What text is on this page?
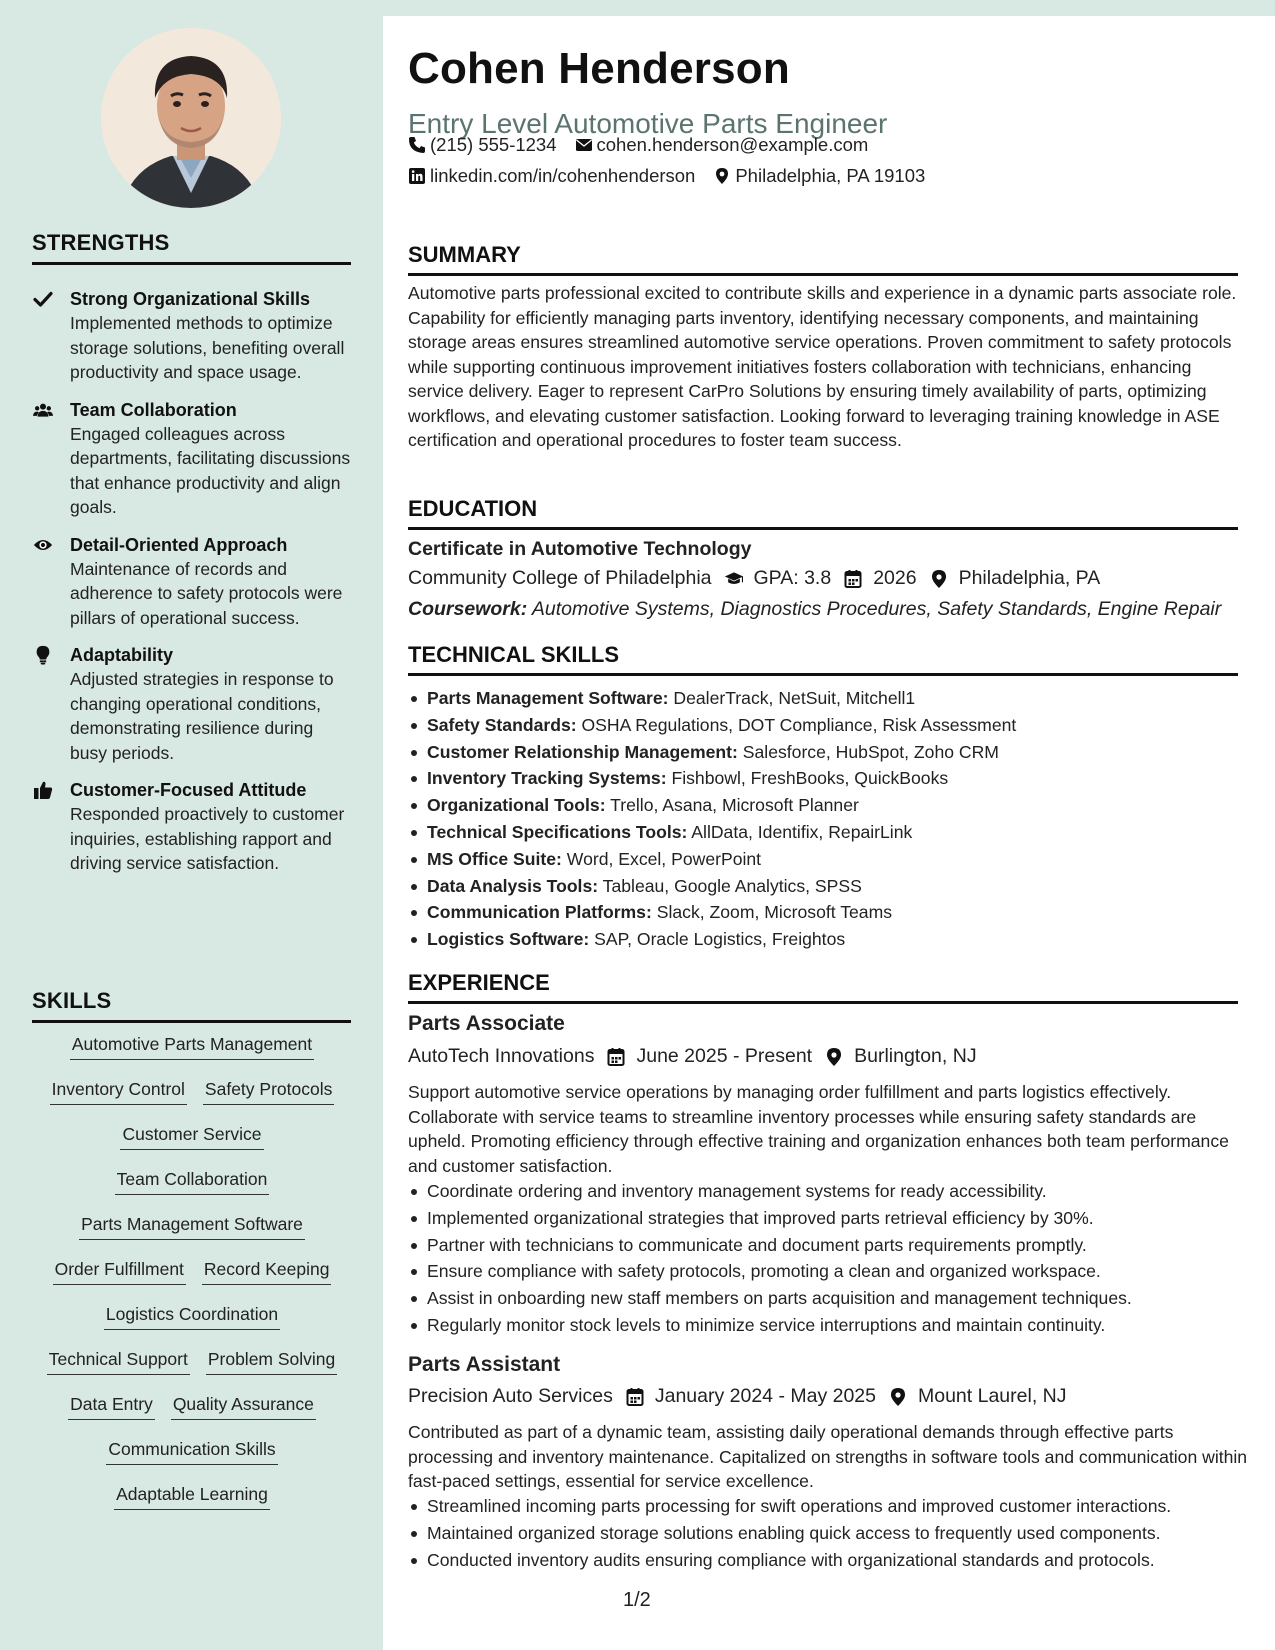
STRENGTHS
Strong Organizational Skills
Implemented methods to optimize storage solutions, benefiting overall productivity and space usage.
Team Collaboration
Engaged colleagues across departments, facilitating discussions that enhance productivity and align goals.
Detail-Oriented Approach
Maintenance of records and adherence to safety protocols were pillars of operational success.
Adaptability
Adjusted strategies in response to changing operational conditions, demonstrating resilience during busy periods.
Customer-Focused Attitude
Responded proactively to customer inquiries, establishing rapport and driving service satisfaction.
SKILLS
Automotive Parts Management
Inventory Control Safety Protocols
Customer Service
Team Collaboration
Parts Management Software
Order Fulfillment Record Keeping
Logistics Coordination
Technical Support Problem Solving
Data Entry Quality Assurance
Communication Skills
Adaptable Learning
Cohen Henderson
Entry Level Automotive Parts Engineer
(215) 555-1234 cohen.henderson@example.com
linkedin.com/in/cohenhenderson Philadelphia, PA 19103
SUMMARY
Automotive parts professional excited to contribute skills and experience in a dynamic parts associate role. Capability for efficiently managing parts inventory, identifying necessary components, and maintaining storage areas ensures streamlined automotive service operations. Proven commitment to safety protocols while supporting continuous improvement initiatives fosters collaboration with technicians, enhancing service delivery. Eager to represent CarPro Solutions by ensuring timely availability of parts, optimizing workflows, and elevating customer satisfaction. Looking forward to leveraging training knowledge in ASE certification and operational procedures to foster team success.
EDUCATION
Certificate in Automotive Technology
Community College of Philadelphia GPA: 3.8 2026 Philadelphia, PA
Coursework: Automotive Systems, Diagnostics Procedures, Safety Standards, Engine Repair
TECHNICAL SKILLS
Parts Management Software: DealerTrack, NetSuit, Mitchell1
Safety Standards: OSHA Regulations, DOT Compliance, Risk Assessment
Customer Relationship Management: Salesforce, HubSpot, Zoho CRM
Inventory Tracking Systems: Fishbowl, FreshBooks, QuickBooks
Organizational Tools: Trello, Asana, Microsoft Planner
Technical Specifications Tools: AllData, Identifix, RepairLink
MS Office Suite: Word, Excel, PowerPoint
Data Analysis Tools: Tableau, Google Analytics, SPSS
Communication Platforms: Slack, Zoom, Microsoft Teams
Logistics Software: SAP, Oracle Logistics, Freightos
EXPERIENCE
Parts Associate
AutoTech Innovations June 2025 - Present Burlington, NJ
Support automotive service operations by managing order fulfillment and parts logistics effectively. Collaborate with service teams to streamline inventory processes while ensuring safety standards are upheld. Promoting efficiency through effective training and organization enhances both team performance and customer satisfaction.
Coordinate ordering and inventory management systems for ready accessibility.
Implemented organizational strategies that improved parts retrieval efficiency by 30%.
Partner with technicians to communicate and document parts requirements promptly.
Ensure compliance with safety protocols, promoting a clean and organized workspace.
Assist in onboarding new staff members on parts acquisition and management techniques.
Regularly monitor stock levels to minimize service interruptions and maintain continuity.
Parts Assistant
Precision Auto Services January 2024 - May 2025 Mount Laurel, NJ
Contributed as part of a dynamic team, assisting daily operational demands through effective parts processing and inventory maintenance. Capitalized on strengths in software tools and communication within fast-paced settings, essential for service excellence.
Streamlined incoming parts processing for swift operations and improved customer interactions.
Maintained organized storage solutions enabling quick access to frequently used components.
Conducted inventory audits ensuring compliance with organizational standards and protocols.
1/2
